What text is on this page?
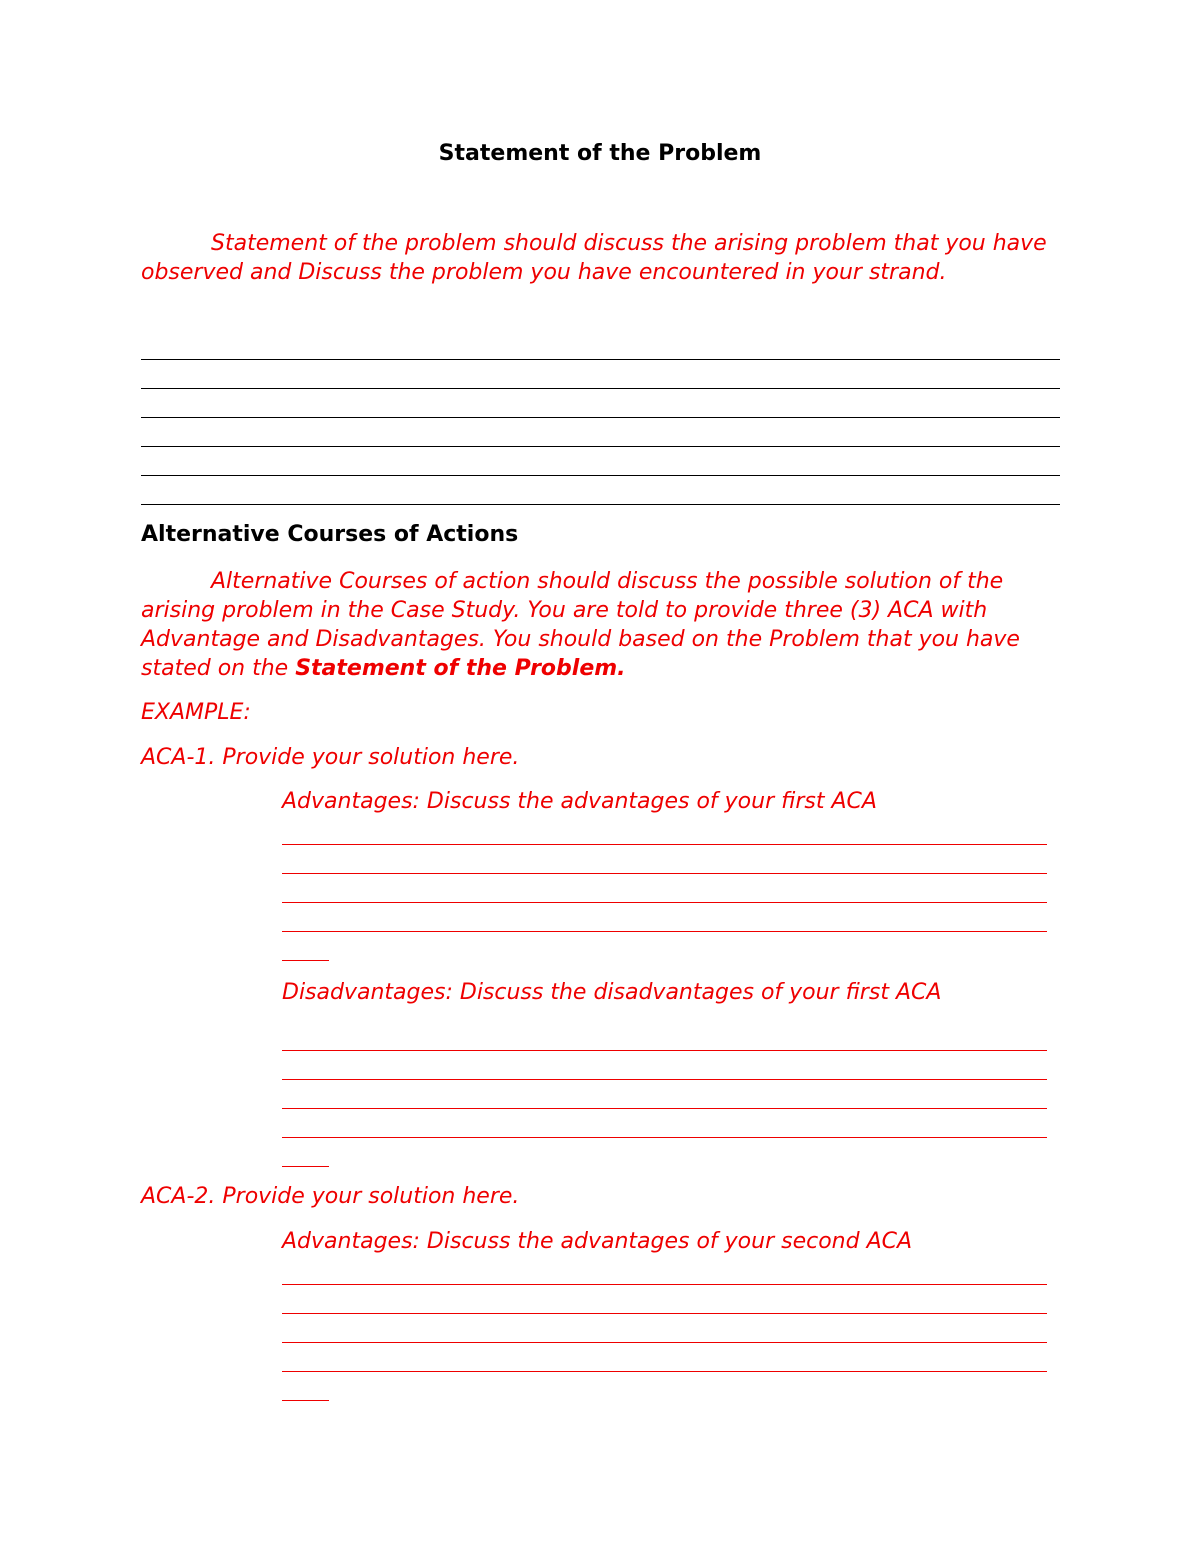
Statement of the Problem
Statement of the problem should discuss the arising problem that you have observed and Discuss the problem you have encountered in your strand.
Alternative Courses of Actions
Alternative Courses of action should discuss the possible solution of the arising problem in the Case Study. You are told to provide three (3) ACA with Advantage and Disadvantages. You should based on the Problem that you have stated on the Statement of the Problem.
EXAMPLE:
ACA-1. Provide your solution here.
Advantages: Discuss the advantages of your first ACA
Disadvantages: Discuss the disadvantages of your first ACA
ACA-2. Provide your solution here.
Advantages: Discuss the advantages of your second ACA
